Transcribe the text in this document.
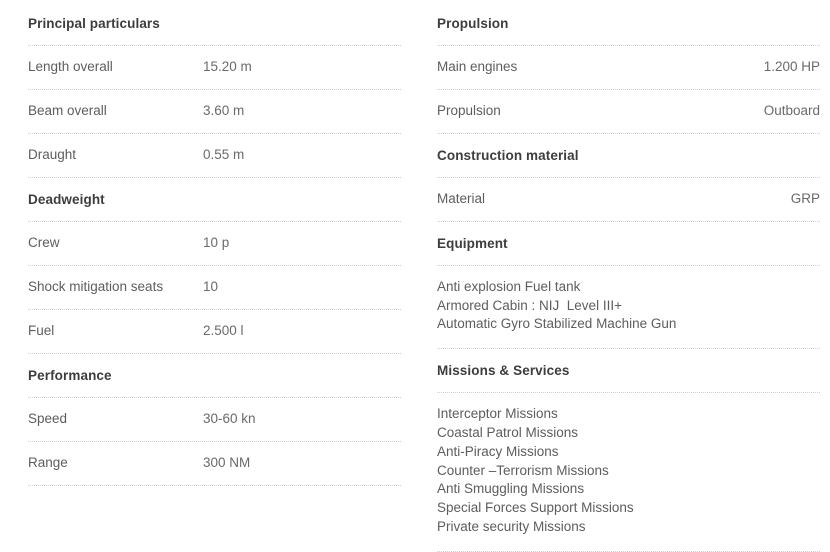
Principal particulars
Length overall	15.20 m
Beam overall	3.60 m
Draught	0.55 m
Deadweight
Crew	10 p
Shock mitigation seats	10
Fuel	2.500 l
Performance
Speed	30-60 kn
Range	300 NM
Propulsion
Main engines	1.200 HP
Propulsion	Outboard
Construction material
Material	GRP
Equipment
Anti explosion Fuel tank
Armored Cabin : NIJ  Level III+
Automatic Gyro Stabilized Machine Gun
Missions & Services
Interceptor Missions
Coastal Patrol Missions
Anti-Piracy Missions
Counter –Terrorism Missions
Anti Smuggling Missions
Special Forces Support Missions
Private security Missions
